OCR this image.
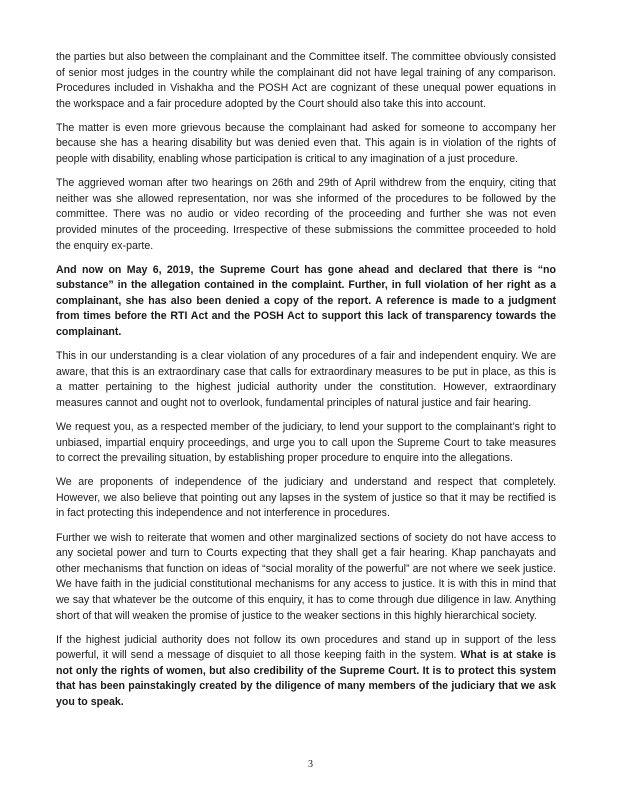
the parties but also between the complainant and the Committee itself. The committee obviously consisted of senior most judges in the country while the complainant did not have legal training of any comparison. Procedures included in Vishakha and the POSH Act are cognizant of these unequal power equations in the workspace and a fair procedure adopted by the Court should also take this into account.

The matter is even more grievous because the complainant had asked for someone to accompany her because she has a hearing disability but was denied even that. This again is in violation of the rights of people with disability, enabling whose participation is critical to any imagination of a just procedure.

The aggrieved woman after two hearings on 26th and 29th of April withdrew from the enquiry, citing that neither was she allowed representation, nor was she informed of the procedures to be followed by the committee. There was no audio or video recording of the proceeding and further she was not even provided minutes of the proceeding. Irrespective of these submissions the committee proceeded to hold the enquiry ex-parte.

And now on May 6, 2019, the Supreme Court has gone ahead and declared that there is “no substance” in the allegation contained in the complaint. Further, in full violation of her right as a complainant, she has also been denied a copy of the report. A reference is made to a judgment from times before the RTI Act and the POSH Act to support this lack of transparency towards the complainant.

This in our understanding is a clear violation of any procedures of a fair and independent enquiry. We are aware, that this is an extraordinary case that calls for extraordinary measures to be put in place, as this is a matter pertaining to the highest judicial authority under the constitution. However, extraordinary measures cannot and ought not to overlook, fundamental principles of natural justice and fair hearing.

We request you, as a respected member of the judiciary, to lend your support to the complainant’s right to unbiased, impartial enquiry proceedings, and urge you to call upon the Supreme Court to take measures to correct the prevailing situation, by establishing proper procedure to enquire into the allegations.

We are proponents of independence of the judiciary and understand and respect that completely. However, we also believe that pointing out any lapses in the system of justice so that it may be rectified is in fact protecting this independence and not interference in procedures.

Further we wish to reiterate that women and other marginalized sections of society do not have access to any societal power and turn to Courts expecting that they shall get a fair hearing. Khap panchayats and other mechanisms that function on ideas of “social morality of the powerful” are not where we seek justice. We have faith in the judicial constitutional mechanisms for any access to justice. It is with this in mind that we say that whatever be the outcome of this enquiry, it has to come through due diligence in law. Anything short of that will weaken the promise of justice to the weaker sections in this highly hierarchical society.

If the highest judicial authority does not follow its own procedures and stand up in support of the less powerful, it will send a message of disquiet to all those keeping faith in the system. What is at stake is not only the rights of women, but also credibility of the Supreme Court. It is to protect this system that has been painstakingly created by the diligence of many members of the judiciary that we ask you to speak.

3
